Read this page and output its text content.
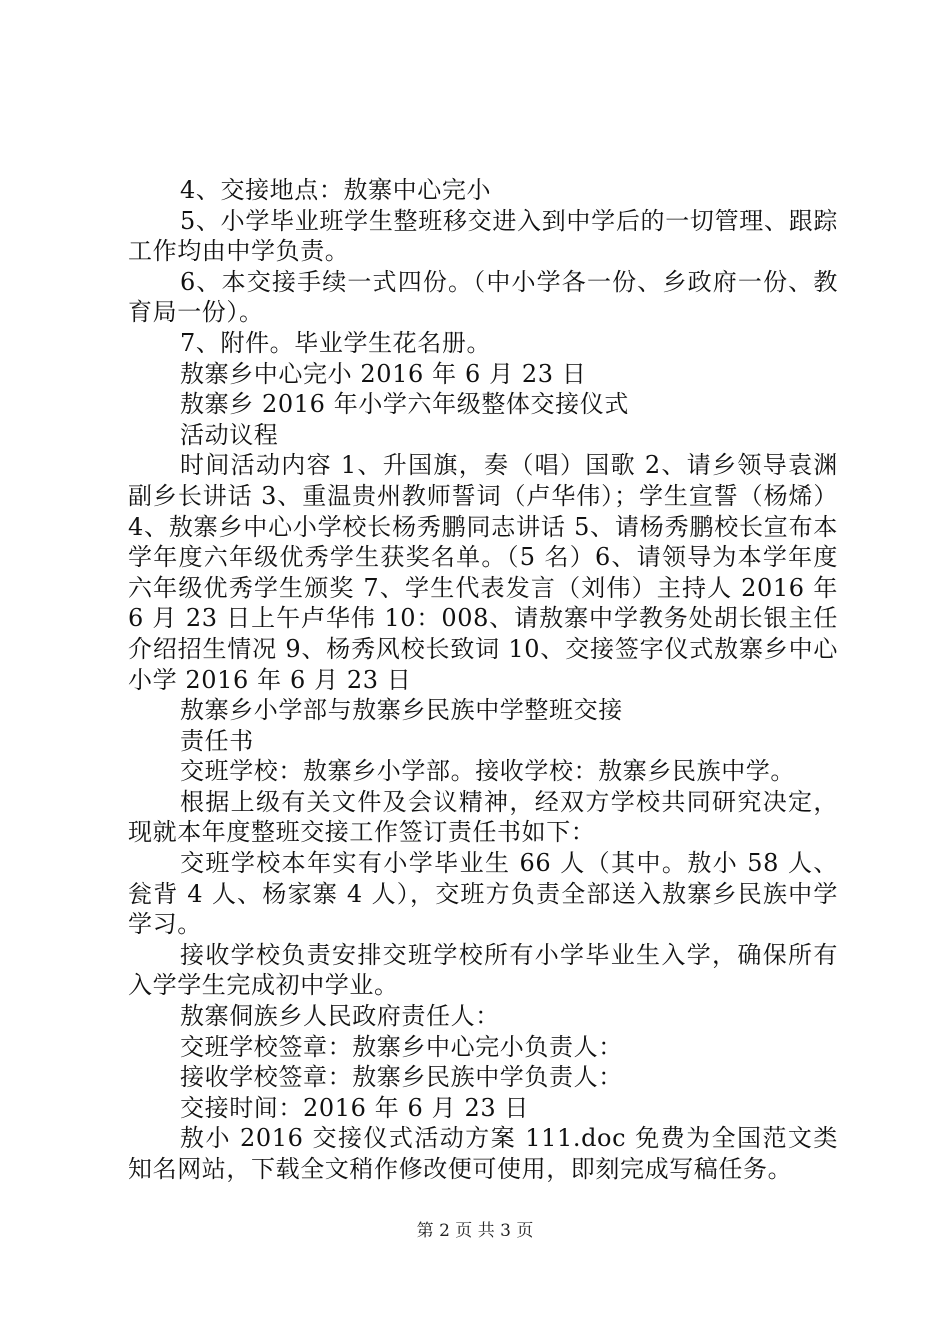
4、交接地点：敖寨中心完小

5、小学毕业班学生整班移交进入到中学后的一切管理、跟踪工作均由中学负责。

6、本交接手续一式四份。（中小学各一份、乡政府一份、教育局一份）。

7、附件。毕业学生花名册。

敖寨乡中心完小 2016 年 6 月 23 日

敖寨乡 2016 年小学六年级整体交接仪式

活动议程

时间活动内容 1、升国旗，奏（唱）国歌 2、请乡领导袁渊副乡长讲话 3、重温贵州教师誓词（卢华伟）；学生宣誓（杨烯）4、敖寨乡中心小学校长杨秀鹏同志讲话 5、请杨秀鹏校长宣布本学年度六年级优秀学生获奖名单。（5 名）6、请领导为本学年度六年级优秀学生颁奖 7、学生代表发言（刘伟）主持人 2016 年 6 月 23 日上午卢华伟 10：008、请敖寨中学教务处胡长银主任介绍招生情况 9、杨秀风校长致词 10、交接签字仪式敖寨乡中心小学 2016 年 6 月 23 日

敖寨乡小学部与敖寨乡民族中学整班交接

责任书

交班学校：敖寨乡小学部。接收学校：敖寨乡民族中学。

根据上级有关文件及会议精神，经双方学校共同研究决定，现就本年度整班交接工作签订责任书如下：

交班学校本年实有小学毕业生 66 人（其中。敖小 58 人、瓮背 4 人、杨家寨 4 人），交班方负责全部送入敖寨乡民族中学学习。

接收学校负责安排交班学校所有小学毕业生入学，确保所有入学学生完成初中学业。

敖寨侗族乡人民政府责任人：

交班学校签章：敖寨乡中心完小负责人：

接收学校签章：敖寨乡民族中学负责人：

交接时间：2016 年 6 月 23 日

敖小 2016 交接仪式活动方案 111.doc 免费为全国范文类知名网站，下载全文稍作修改便可使用，即刻完成写稿任务。

第 2 页 共 3 页
